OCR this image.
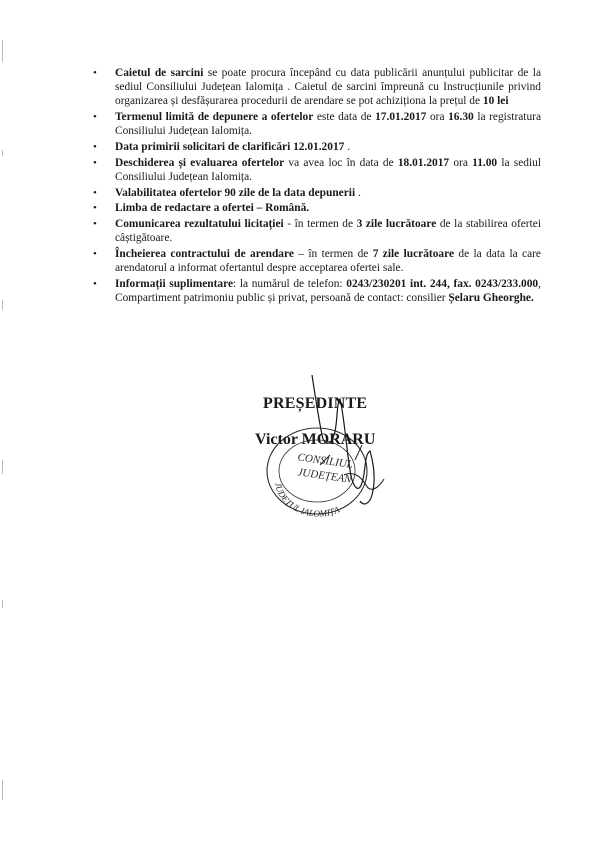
• Caietul de sarcini se poate procura începând cu data publicării anunțului publicitar de la sediul Consiliului Județean Ialomița . Caietul de sarcini împreună cu Instrucțiunile privind organizarea și desfășurarea procedurii de arendare se pot achiziționa la prețul de 10 lei
• Termenul limită de depunere a ofertelor este data de 17.01.2017 ora 16.30 la registratura Consiliului Județean Ialomița.
• Data primirii solicitari de clarificări 12.01.2017 .
• Deschiderea și evaluarea ofertelor va avea loc în data de 18.01.2017 ora 11.00 la sediul Consiliului Județean Ialomița.
• Valabilitatea ofertelor 90 zile de la data depunerii .
• Limba de redactare a ofertei – Română.
• Comunicarea rezultatului licitației - în termen de 3 zile lucrătoare de la stabilirea ofertei câștigătoare.
• Încheierea contractului de arendare – în termen de 7 zile lucrătoare de la data la care arendatorul a informat ofertantul despre acceptarea ofertei sale.
• Informații suplimentare: la numărul de telefon: 0243/230201 int. 244, fax. 0243/233.000, Compartiment patrimoniu public și privat, persoană de contact: consilier Șelaru Gheorghe.
CONSILIUL
JUDEȚEAN
JUDEȚUL IALOMIȚA
PREȘEDINTE
Victor MORARU
